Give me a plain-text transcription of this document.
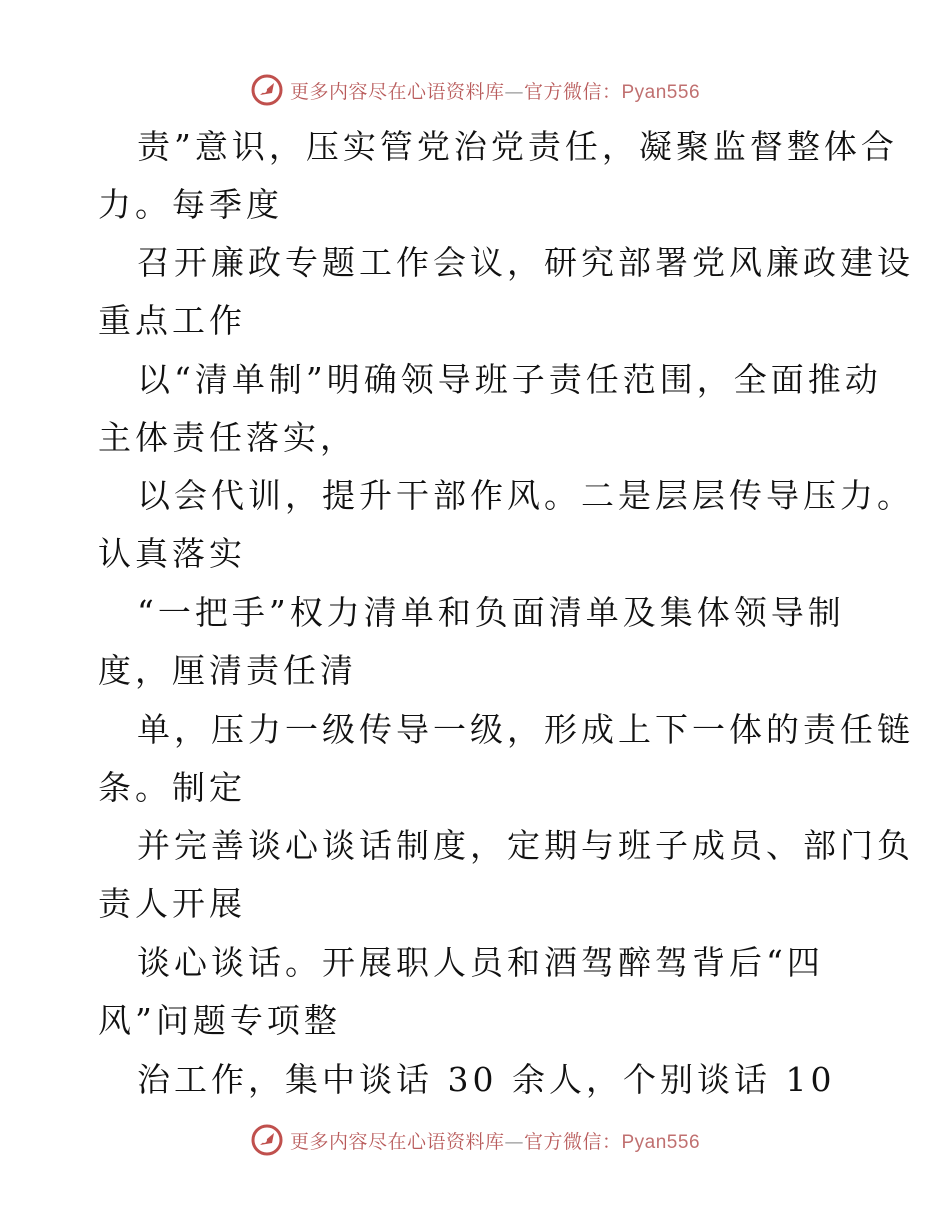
更多内容尽在心语资料库—官方微信：Pyan556
责”意识，压实管党治党责任，凝聚监督整体合
力。每季度
召开廉政专题工作会议，研究部署党风廉政建设
重点工作
以“清单制”明确领导班子责任范围，全面推动
主体责任落实，
以会代训，提升干部作风。二是层层传导压力。
认真落实
“一把手”权力清单和负面清单及集体领导制
度，厘清责任清
单，压力一级传导一级，形成上下一体的责任链
条。制定
并完善谈心谈话制度，定期与班子成员、部门负
责人开展
谈心谈话。开展职人员和酒驾醉驾背后“四
风”问题专项整
治工作，集中谈话 30 余人，个别谈话 10
更多内容尽在心语资料库—官方微信：Pyan556
